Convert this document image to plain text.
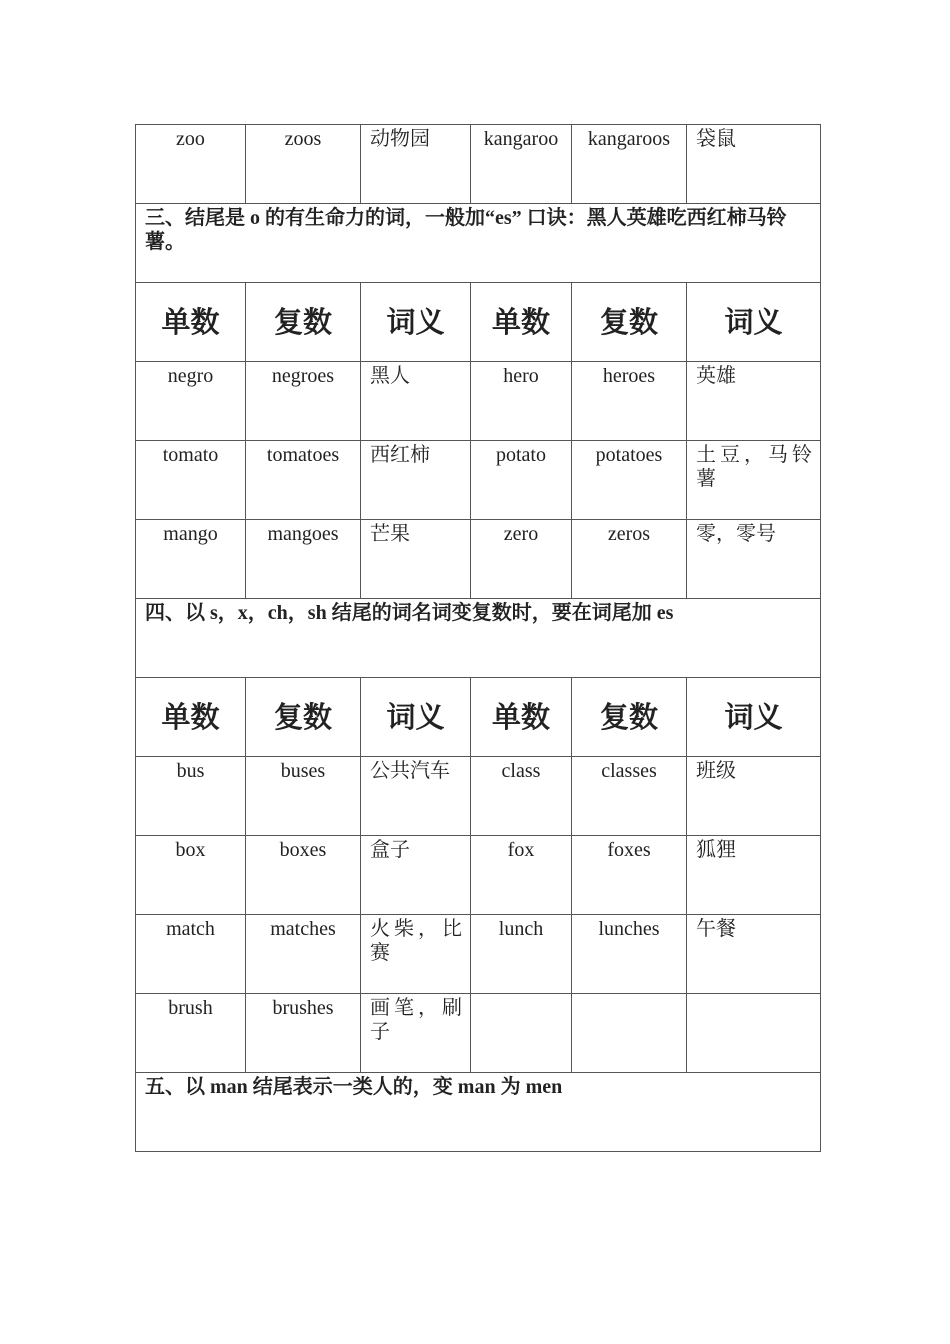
zoo	zoos	动物园	kangaroo	kangaroos	袋鼠
三、结尾是 o 的有生命力的词，一般加“es” 口诀：黑人英雄吃西红柿马铃薯。					
单数	复数	词义	单数	复数	词义
negro	negroes	黑人	hero	heroes	英雄
tomato	tomatoes	西红柿	potato	potatoes	土豆，马铃薯
mango	mangoes	芒果	zero	zeros	零，零号
四、以 s，x，ch，sh 结尾的词名词变复数时，要在词尾加 es					
单数	复数	词义	单数	复数	词义
bus	buses	公共汽车	class	classes	班级
box	boxes	盒子	fox	foxes	狐狸
match	matches	火柴，比赛	lunch	lunches	午餐
brush	brushes	画笔，刷子			
五、以 man 结尾表示一类人的，变 man 为 men					
